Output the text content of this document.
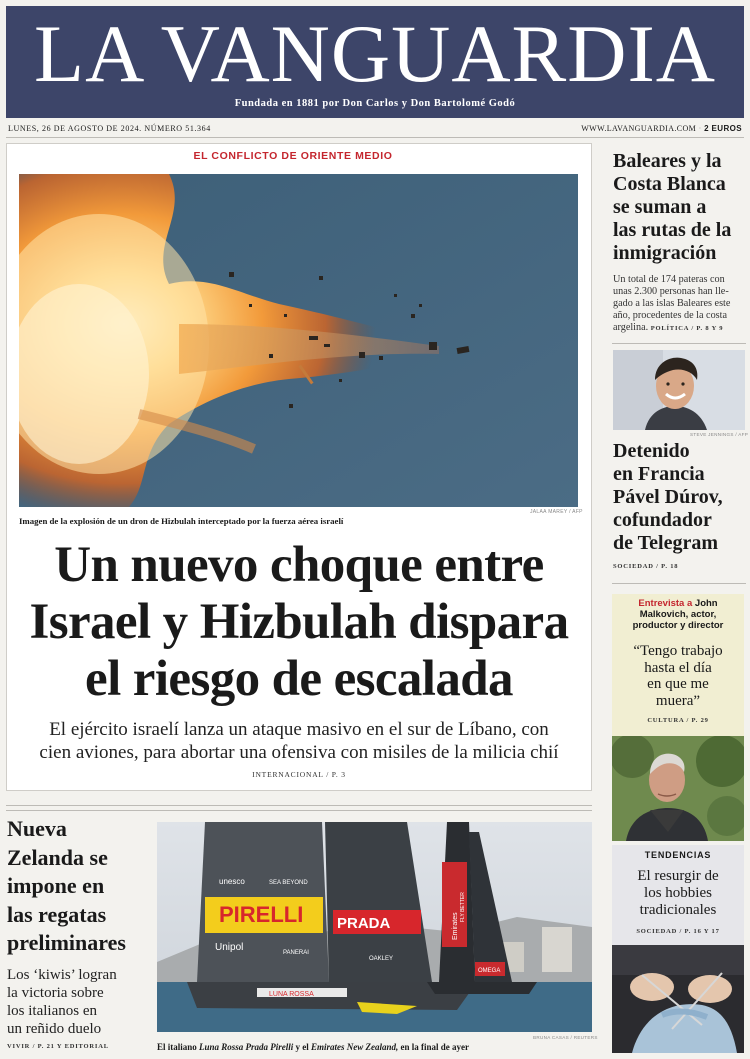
LA VANGUARDIA
Fundada en 1881 por Don Carlos y Don Bartolomé Godó
LUNES, 26 DE AGOSTO DE 2024. NÚMERO 51.364	WWW.LAVANGUARDIA.COM · 2 EUROS
EL CONFLICTO DE ORIENTE MEDIO
Imagen de la explosión de un dron de Hizbulah interceptado por la fuerza aérea israelí
JALAA MAREY / AFP
Un nuevo choque entre
Israel y Hizbulah dispara
el riesgo de escalada
El ejército israelí lanza un ataque masivo en el sur de Líbano, con
cien aviones, para abortar una ofensiva con misiles de la milicia chií
INTERNACIONAL / P. 3
Baleares y la
Costa Blanca
se suman a
las rutas de la
inmigración
Un total de 174 pateras con
unas 2.300 personas han lle-
gado a las islas Baleares este
año, procedentes de la costa
argelina. POLÍTICA / P. 8 Y 9
STEVE JENNINGS / AFP
Detenido
en Francia
Pável Dúrov,
cofundador
de Telegram
SOCIEDAD / P. 18
Entrevista a John
Malkovich, actor,
productor y director
“Tengo trabajo
hasta el día
en que me
muera”
CULTURA / P. 29
TENDENCIAS
El resurgir de
los hobbies
tradicionales
SOCIEDAD / P. 16 Y 17
Nueva
Zelanda se
impone en
las regatas
preliminares
Los ‘kiwis’ logran
la victoria sobre
los italianos en
un reñido duelo
VIVIR / P. 21 Y EDITORIAL
PIRELLI
unesco	SEA BEYOND
Unipol	PANERAI
PRADA
OAKLEY
LUNA ROSSA
Emirates
FLY BETTER
OMEGA
BRUNA CASAS / REUTERS
El italiano Luna Rossa Prada Pirelli y el Emirates New Zealand, en la final de ayer
